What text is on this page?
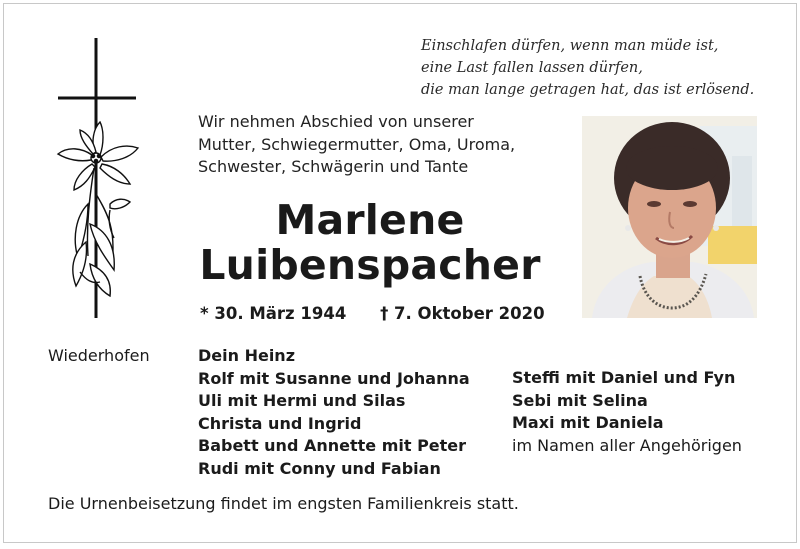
Einschlafen dürfen, wenn man müde ist,
eine Last fallen lassen dürfen,
die man lange getragen hat, das ist erlösend.
Wir nehmen Abschied von unserer
Mutter, Schwiegermutter, Oma, Uroma,
Schwester, Schwägerin und Tante
Marlene
Luibenspacher
* 30. März 1944 † 7. Oktober 2020
Wiederhofen	Dein Heinz
Rolf mit Susanne und Johanna
Uli mit Hermi und Silas
Christa und Ingrid
Babett und Annette mit Peter
Rudi mit Conny und Fabian
Steffi mit Daniel und Fyn
Sebi mit Selina
Maxi mit Daniela
im Namen aller Angehörigen
Die Urnenbeisetzung findet im engsten Familienkreis statt.
